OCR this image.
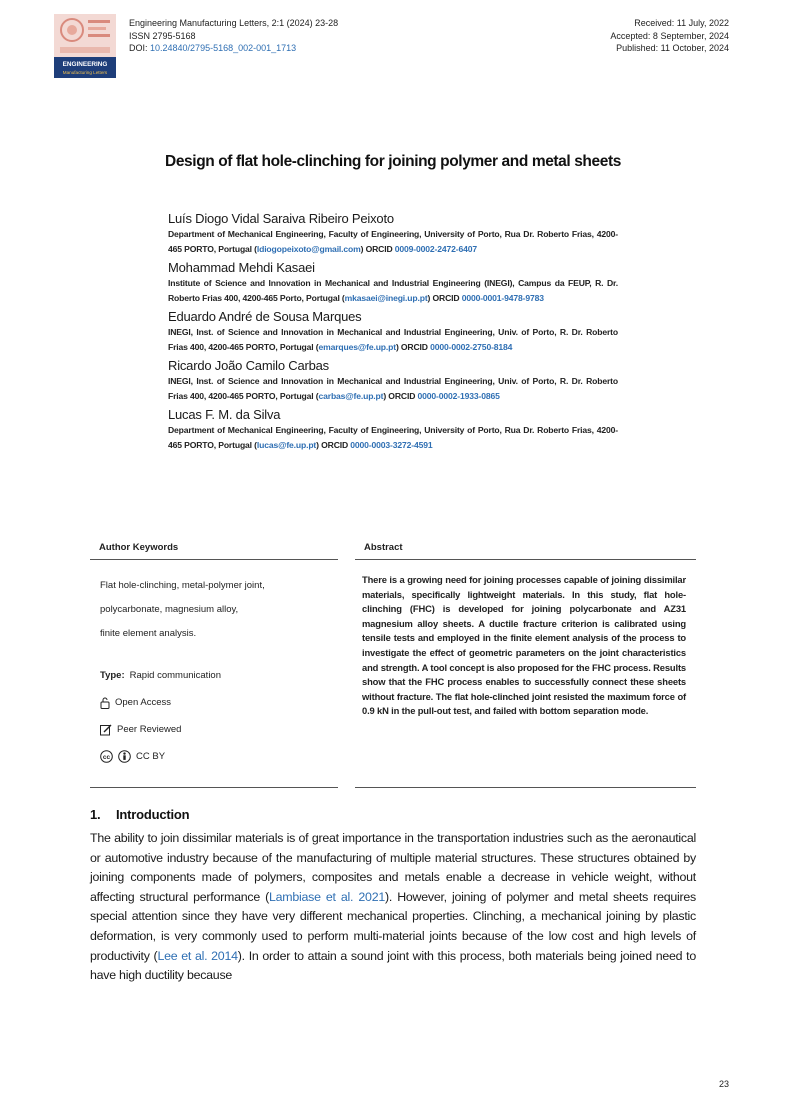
ENGINEERING
Manufacturing Letters
Engineering Manufacturing Letters, 2:1 (2024) 23-28
ISSN 2795-5168
DOI: 10.24840/2795-5168_002-001_1713
Received: 11 July, 2022
Accepted: 8 September, 2024
Published: 11 October, 2024
Design of flat hole-clinching for joining polymer and metal sheets
Luís Diogo Vidal Saraiva Ribeiro Peixoto
Department of Mechanical Engineering, Faculty of Engineering, University of Porto, Rua Dr. Roberto Frias, 4200-465 PORTO, Portugal (ldiogopeixoto@gmail.com) ORCID 0009-0002-2472-6407
Mohammad Mehdi Kasaei
Institute of Science and Innovation in Mechanical and Industrial Engineering (INEGI), Campus da FEUP, R. Dr. Roberto Frias 400, 4200-465 Porto, Portugal (mkasaei@inegi.up.pt) ORCID 0000-0001-9478-9783
Eduardo André de Sousa Marques
INEGI, Inst. of Science and Innovation in Mechanical and Industrial Engineering, Univ. of Porto, R. Dr. Roberto Frias 400, 4200-465 PORTO, Portugal (emarques@fe.up.pt) ORCID 0000-0002-2750-8184
Ricardo João Camilo Carbas
INEGI, Inst. of Science and Innovation in Mechanical and Industrial Engineering, Univ. of Porto, R. Dr. Roberto Frias 400, 4200-465 PORTO, Portugal (carbas@fe.up.pt) ORCID 0000-0002-1933-0865
Lucas F. M. da Silva
Department of Mechanical Engineering, Faculty of Engineering, University of Porto, Rua Dr. Roberto Frias, 4200-465 PORTO, Portugal (lucas@fe.up.pt) ORCID 0000-0003-3272-4591
Author Keywords
Flat hole-clinching, metal-polymer joint,
polycarbonate, magnesium alloy,
finite element analysis.
Type: Rapid communication
Open Access
Peer Reviewed
cc	CC BY
Abstract
There is a growing need for joining processes capable of joining dissimilar materials, specifically lightweight materials. In this study, flat hole-clinching (FHC) is developed for joining polycarbonate and AZ31 magnesium alloy sheets. A ductile fracture criterion is calibrated using tensile tests and employed in the finite element analysis of the process to investigate the effect of geometric parameters on the joint characteristics and strength. A tool concept is also proposed for the FHC process. Results show that the FHC process enables to successfully connect these sheets without fracture. The flat hole-clinched joint resisted the maximum force of 0.9 kN in the pull-out test, and failed with bottom separation mode.
1. Introduction
The ability to join dissimilar materials is of great importance in the transportation industries such as the aeronautical or automotive industry because of the manufacturing of multiple material structures. These structures obtained by joining components made of polymers, composites and metals enable a decrease in vehicle weight, without affecting structural performance (Lambiase et al. 2021). However, joining of polymer and metal sheets requires special attention since they have very different mechanical properties. Clinching, a mechanical joining by plastic deformation, is very commonly used to perform multi-material joints because of the low cost and high levels of productivity (Lee et al. 2014). In order to attain a sound joint with this process, both materials being joined need to have high ductility because
23
